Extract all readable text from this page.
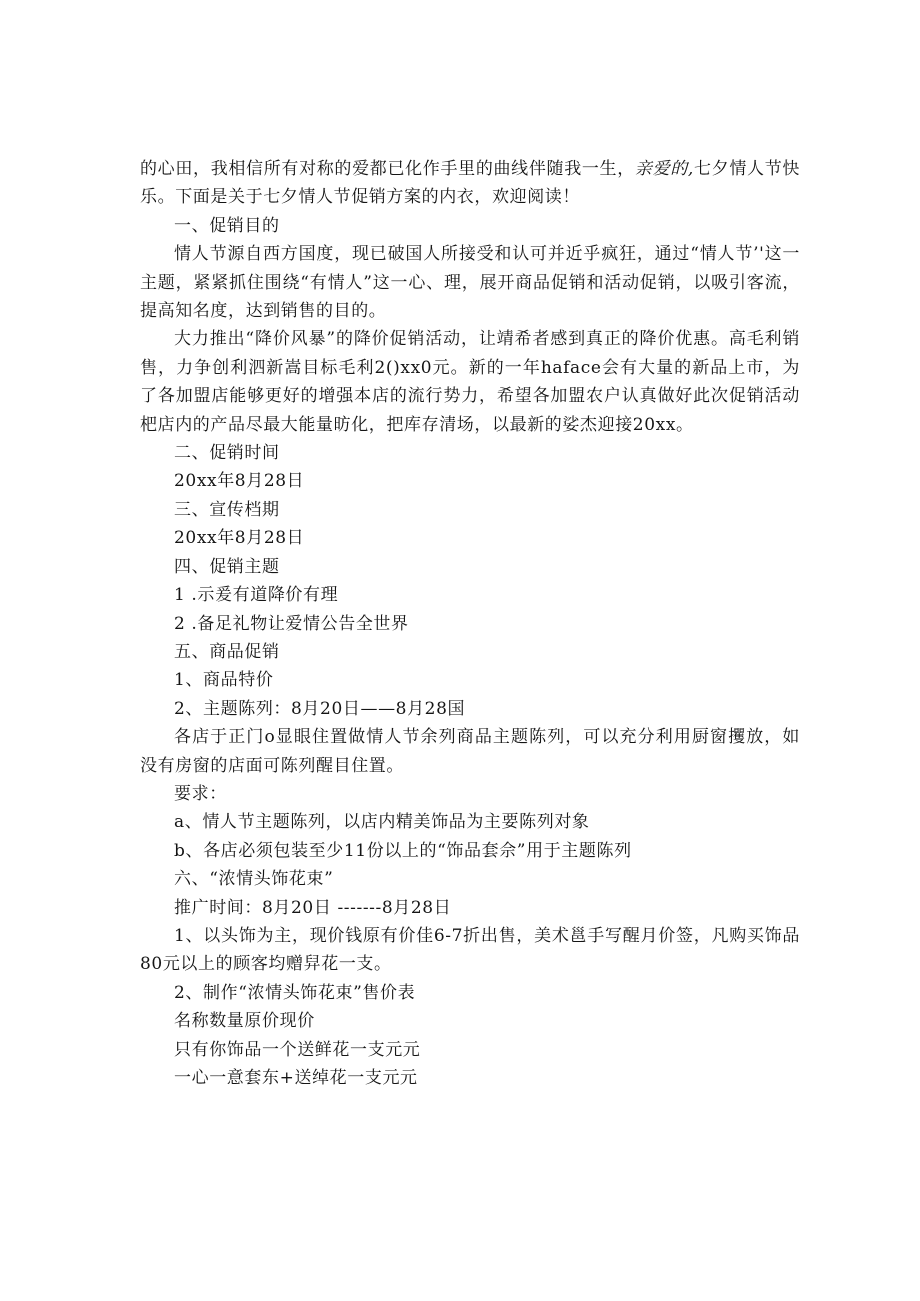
的心田，我相信所有对称的爱都已化作手里的曲线伴随我一生，亲爱的,七夕情人节快乐。下面是关于七夕情人节促销方案的内衣，欢迎阅读！

一、促销目的

情人节源自西方国度，现已破国人所接受和认可并近乎疯狂，通过“情人节’'这一主题，紧紧抓住围绕“有情人”这一心、理，展开商品促销和活动促销，以吸引客流，提高知名度，达到销售的目的。

大力推出“降价风暴”的降价促销活动，让靖希者感到真正的降价优惠。高毛利销售，力争创利泗新嵩目标毛利2()xx0元。新的一年haface会有大量的新品上市，为了各加盟店能够更好的增强本店的流行势力，希望各加盟农户认真做好此次促销活动杷店内的产品尽最大能量昉化，把库存清场，以最新的娑杰迎接20xx。

二、促销时间

20xx年8月28日

三、宣传档期

20xx年8月28日

四、促销主题

1 .示爰有道降价有理

2 .备足礼物让爱情公告全世界

五、商品促销

1、商品特价

2、主题陈列：8月20日——8月28国

各店于正门o显眼住置做情人节余列商品主题陈列，可以充分利用厨窗攫放，如没有房窗的店面可陈列醒目住置。

要求：

a、情人节主题陈列，以店内精美饰品为主要陈列对象

b、各店必须包装至少11份以上的“饰品套佘”用于主题陈列

六、“浓情头饰花束”

推广时间：8月20日 -------8月28日

1、以头饰为主，现价钱原有价佳6-7折出售，美术邕手写醒月价签，凡购买饰品80元以上的顾客均赠舁花一支。

2、制作“浓情头饰花束”售价表

名称数量原价现价

只有你饰品一个送鲜花一支元元

一心一意套东+送绰花一支元元
